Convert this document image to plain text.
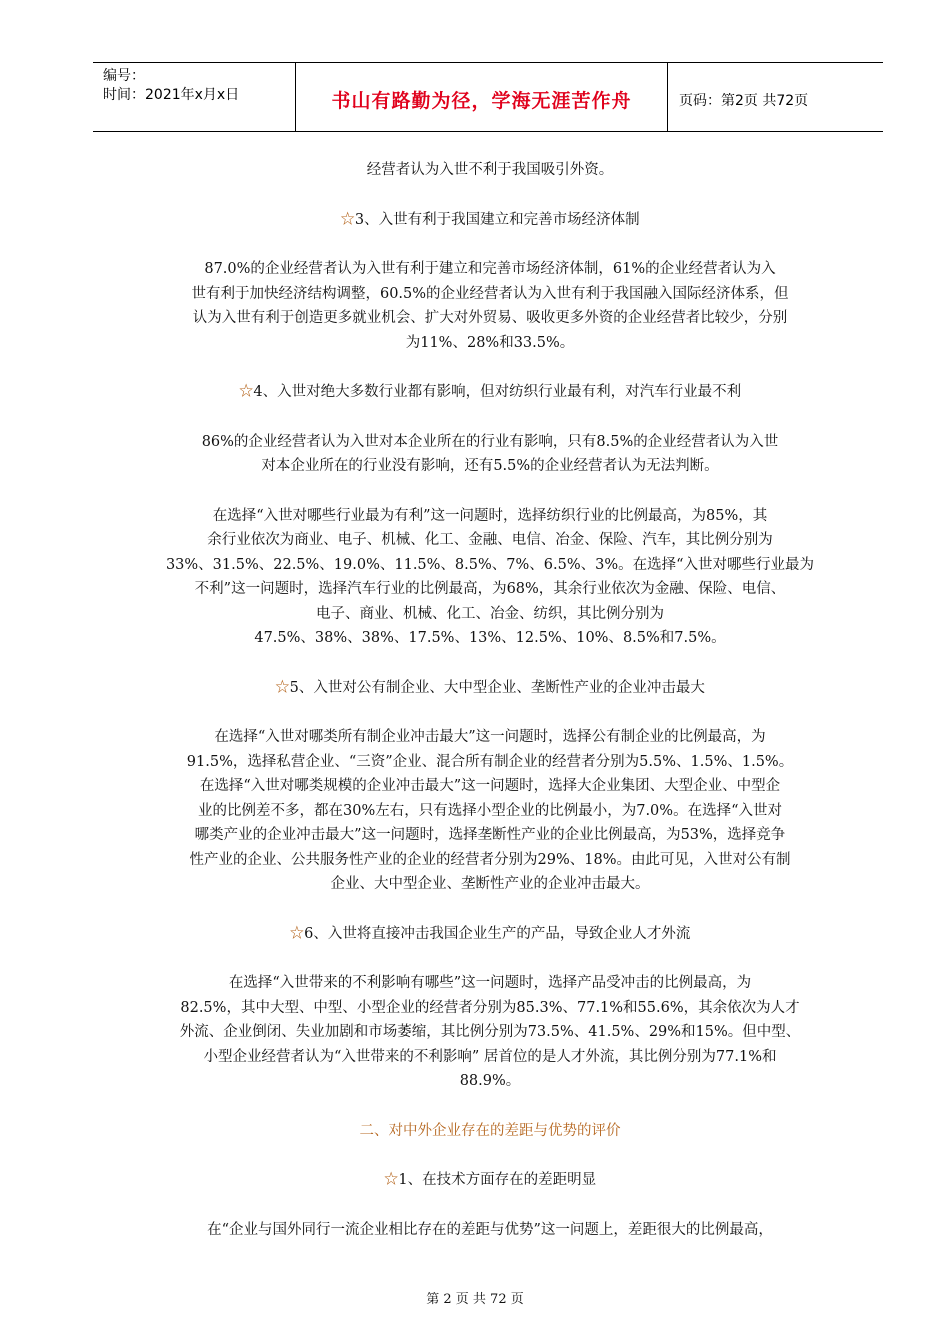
编号：
时间：2021年x月x日	书山有路勤为径，学海无涯苦作舟	页码：第2页 共72页
经营者认为入世不利于我国吸引外资。
☆3、入世有利于我国建立和完善市场经济体制
87.0%的企业经营者认为入世有利于建立和完善市场经济体制，61%的企业经营者认为入
世有利于加快经济结构调整，60.5%的企业经营者认为入世有利于我国融入国际经济体系，但
认为入世有利于创造更多就业机会、扩大对外贸易、吸收更多外资的企业经营者比较少，分别
为11%、28%和33.5%。
☆4、入世对绝大多数行业都有影响，但对纺织行业最有利，对汽车行业最不利
86%的企业经营者认为入世对本企业所在的行业有影响，只有8.5%的企业经营者认为入世
对本企业所在的行业没有影响，还有5.5%的企业经营者认为无法判断。
在选择“入世对哪些行业最为有利”这一问题时，选择纺织行业的比例最高，为85%，其
余行业依次为商业、电子、机械、化工、金融、电信、冶金、保险、汽车，其比例分别为
33%、31.5%、22.5%、19.0%、11.5%、8.5%、7%、6.5%、3%。在选择“入世对哪些行业最为
不利”这一问题时，选择汽车行业的比例最高，为68%，其余行业依次为金融、保险、电信、
电子、商业、机械、化工、冶金、纺织，其比例分别为
47.5%、38%、38%、17.5%、13%、12.5%、10%、8.5%和7.5%。
☆5、入世对公有制企业、大中型企业、垄断性产业的企业冲击最大
在选择“入世对哪类所有制企业冲击最大”这一问题时，选择公有制企业的比例最高，为
91.5%，选择私营企业、“三资”企业、混合所有制企业的经营者分别为5.5%、1.5%、1.5%。
在选择“入世对哪类规模的企业冲击最大”这一问题时，选择大企业集团、大型企业、中型企
业的比例差不多，都在30%左右，只有选择小型企业的比例最小，为7.0%。在选择“入世对
哪类产业的企业冲击最大”这一问题时，选择垄断性产业的企业比例最高，为53%，选择竞争
性产业的企业、公共服务性产业的企业的经营者分别为29%、18%。由此可见，入世对公有制
企业、大中型企业、垄断性产业的企业冲击最大。
☆6、入世将直接冲击我国企业生产的产品，导致企业人才外流
在选择“入世带来的不利影响有哪些”这一问题时，选择产品受冲击的比例最高，为
82.5%，其中大型、中型、小型企业的经营者分别为85.3%、77.1%和55.6%，其余依次为人才
外流、企业倒闭、失业加剧和市场萎缩，其比例分别为73.5%、41.5%、29%和15%。但中型、
小型企业经营者认为“入世带来的不利影响” 居首位的是人才外流，其比例分别为77.1%和
88.9%。
二、对中外企业存在的差距与优势的评价
☆1、在技术方面存在的差距明显
在“企业与国外同行一流企业相比存在的差距与优势”这一问题上，差距很大的比例最高，
第 2 页 共 72 页
